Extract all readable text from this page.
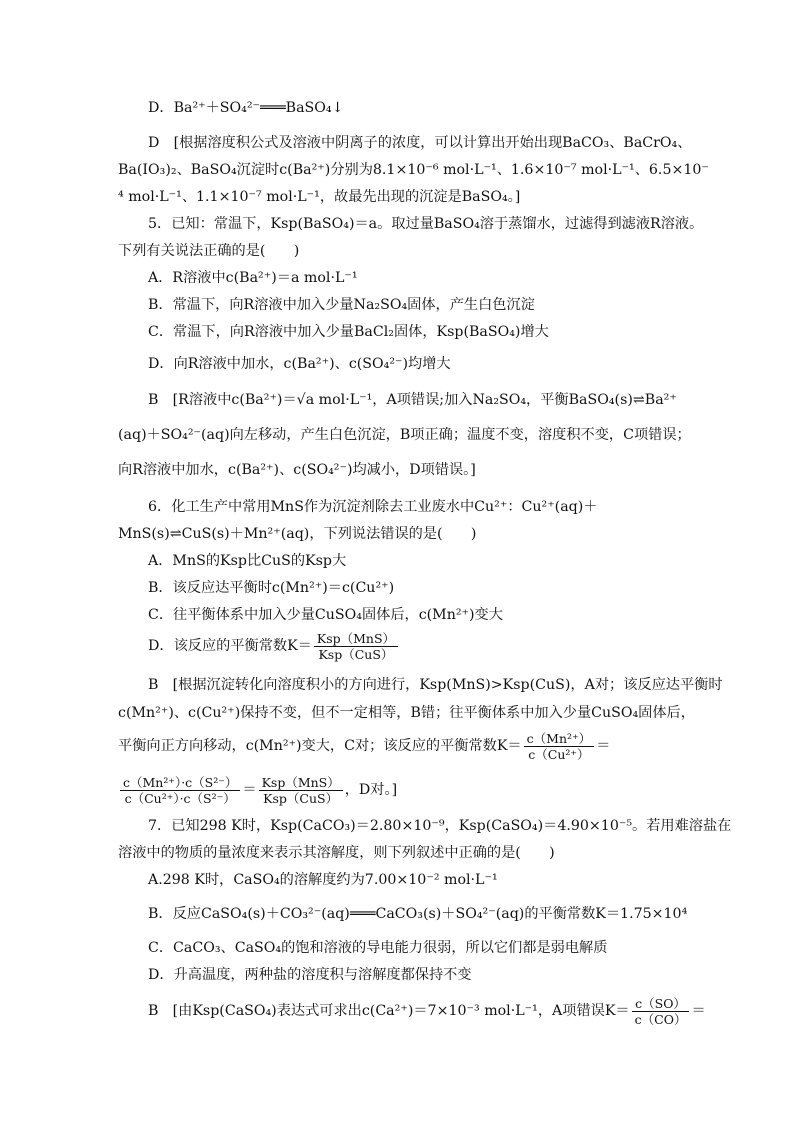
D．Ba²⁺＋SO₄²⁻═══BaSO₄↓
D　[根据溶度积公式及溶液中阴离子的浓度，可以计算出开始出现BaCO₃、BaCrO₄、
Ba(IO₃)₂、BaSO₄沉淀时c(Ba²⁺)分别为8.1×10⁻⁶ mol·L⁻¹、1.6×10⁻⁷ mol·L⁻¹、6.5×10⁻
⁴ mol·L⁻¹、1.1×10⁻⁷ mol·L⁻¹，故最先出现的沉淀是BaSO₄。]
5．已知：常温下，Ksp(BaSO₄)＝a。取过量BaSO₄溶于蒸馏水，过滤得到滤液R溶液。
下列有关说法正确的是(　　)
A．R溶液中c(Ba²⁺)＝a mol·L⁻¹
B．常温下，向R溶液中加入少量Na₂SO₄固体，产生白色沉淀
C．常温下，向R溶液中加入少量BaCl₂固体，Ksp(BaSO₄)增大
D．向R溶液中加水，c(Ba²⁺)、c(SO₄²⁻)均增大
B　[R溶液中c(Ba²⁺)＝√a mol·L⁻¹，A项错误;加入Na₂SO₄，平衡BaSO₄(s)⇌Ba²⁺
(aq)＋SO₄²⁻(aq)向左移动，产生白色沉淀，B项正确；温度不变，溶度积不变，C项错误；
向R溶液中加水，c(Ba²⁺)、c(SO₄²⁻)均减小，D项错误。]
6．化工生产中常用MnS作为沉淀剂除去工业废水中Cu²⁺：Cu²⁺(aq)＋
MnS(s)⇌CuS(s)＋Mn²⁺(aq)，下列说法错误的是(　　)
A．MnS的Ksp比CuS的Ksp大
B．该反应达平衡时c(Mn²⁺)＝c(Cu²⁺)
C．往平衡体系中加入少量CuSO₄固体后，c(Mn²⁺)变大
D．该反应的平衡常数$K= \frac{\text{Ksp（MnS）}}{\text{Ksp（CuS）}}$
B　[根据沉淀转化向溶度积小的方向进行，Ksp(MnS)>Ksp(CuS)，A对；该反应达平衡时
c(Mn²⁺)、c(Cu²⁺)保持不变，但不一定相等，B错；往平衡体系中加入少量CuSO₄固体后，
平衡向正方向移动，c(Mn²⁺)变大，C对；该反应的平衡常数$K= \frac{\text{c（Mn²⁺）}}{\text{c（Cu²⁺）}}$ ＝
$\frac{\text{c（Mn²⁺）·c（S²⁻）}}{\text{c（Cu²⁺）·c（S²⁻）}} = \frac{\text{Ksp（MnS）}}{\text{Ksp（CuS）}}$ ，D对。]
7．已知298 K时，Ksp(CaCO₃)＝2.80×10⁻⁹，Ksp(CaSO₄)＝4.90×10⁻⁵。若用难溶盐在
溶液中的物质的量浓度来表示其溶解度，则下列叙述中正确的是(　　)
A.298 K时，CaSO₄的溶解度约为7.00×10⁻² mol·L⁻¹
B．反应CaSO₄(s)＋CO₃²⁻(aq)═══CaCO₃(s)＋SO₄²⁻(aq)的平衡常数K＝1.75×10⁴
C．CaCO₃、CaSO₄的饱和溶液的导电能力很弱，所以它们都是弱电解质
D．升高温度，两种盐的溶度积与溶解度都保持不变
B　[由Ksp(CaSO₄)表达式可求出c(Ca²⁺)＝7×10⁻³ mol·L⁻¹，A项错误$K= \frac{c(SO)}{c(CO)}$ ＝
